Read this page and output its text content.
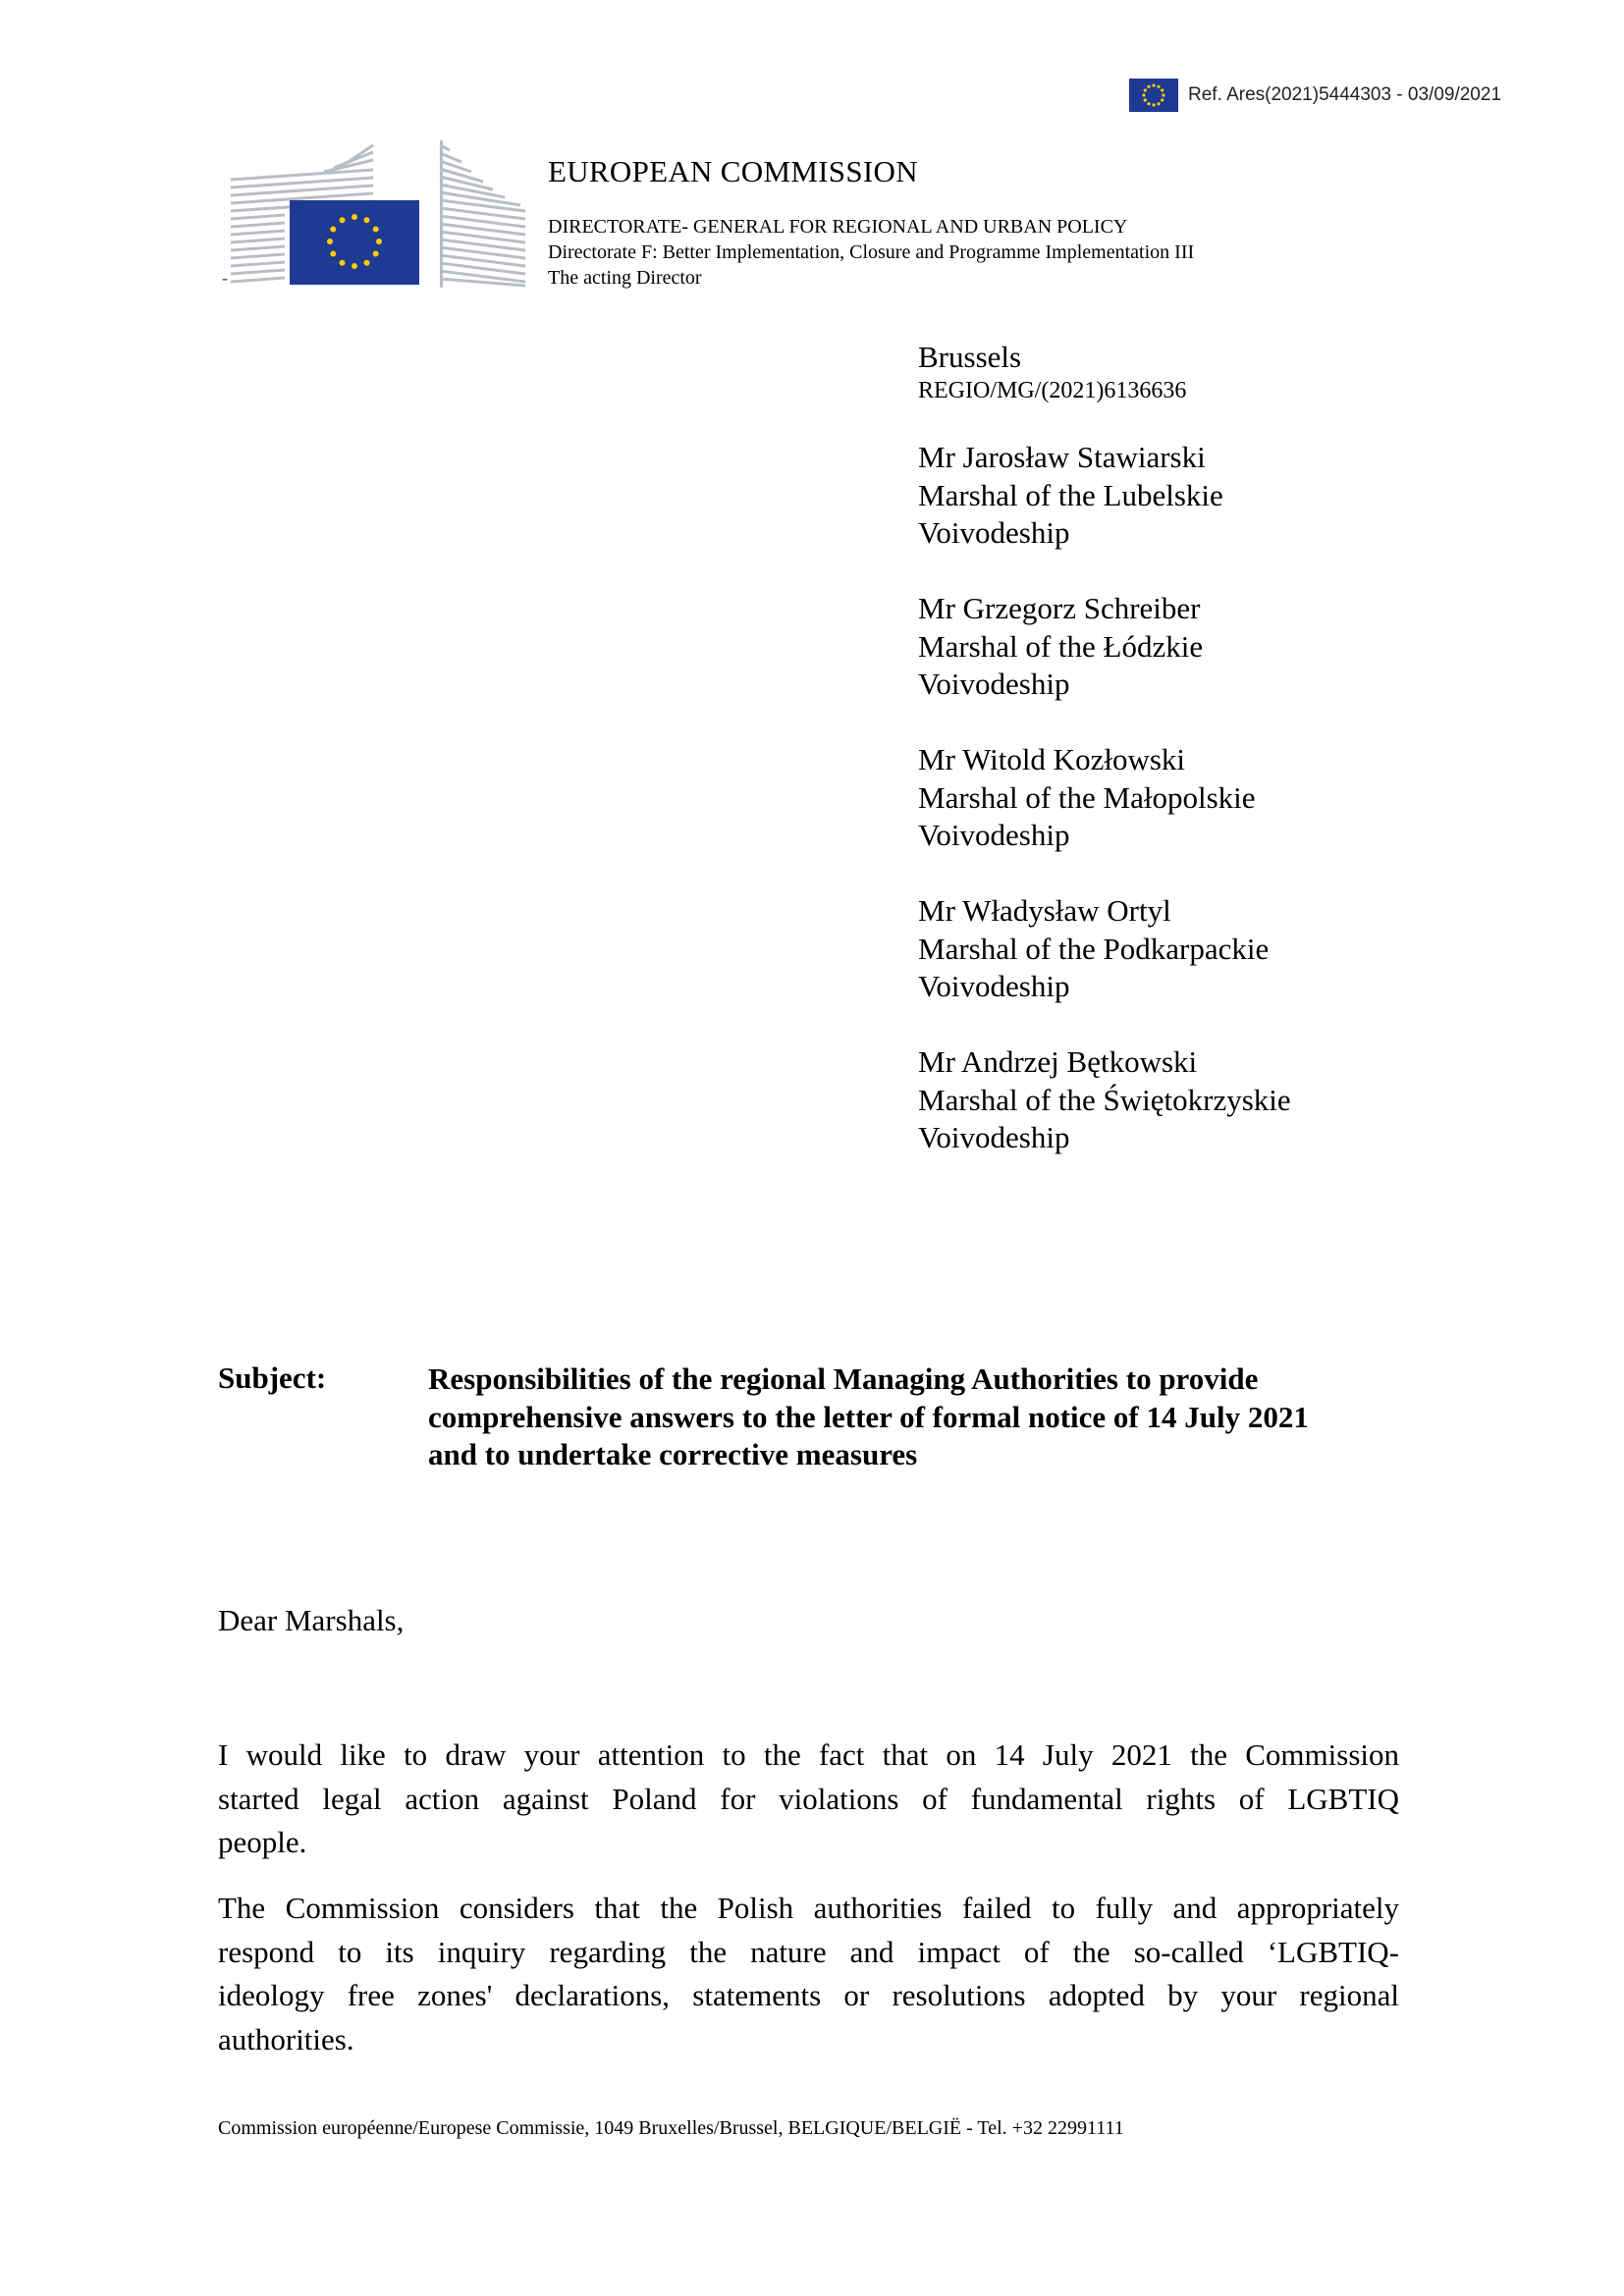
Ref. Ares(2021)5444303 - 03/09/2021
-
EUROPEAN COMMISSION
DIRECTORATE- GENERAL FOR REGIONAL AND URBAN POLICY
Directorate F: Better Implementation, Closure and Programme Implementation III
The acting Director
Brussels
REGIO/MG/(2021)6136636
Mr Jarosław Stawiarski
Marshal of the Lubelskie
Voivodeship
Mr Grzegorz Schreiber
Marshal of the Łódzkie
Voivodeship
Mr Witold Kozłowski
Marshal of the Małopolskie
Voivodeship
Mr Władysław Ortyl
Marshal of the Podkarpackie
Voivodeship
Mr Andrzej Bętkowski
Marshal of the Świętokrzyskie
Voivodeship
Subject:	Responsibilities of the regional Managing Authorities to provide
comprehensive answers to the letter of formal notice of 14 July 2021
and to undertake corrective measures
Dear Marshals,
I would like to draw your attention to the fact that on 14 July 2021 the Commission
started legal action against Poland for violations of fundamental rights of LGBTIQ
people.
The Commission considers that the Polish authorities failed to fully and appropriately
respond to its inquiry regarding the nature and impact of the so-called ‘LGBTIQ-
ideology free zones' declarations, statements or resolutions adopted by your regional
authorities.
Commission européenne/Europese Commissie, 1049 Bruxelles/Brussel, BELGIQUE/BELGIË - Tel. +32 22991111
